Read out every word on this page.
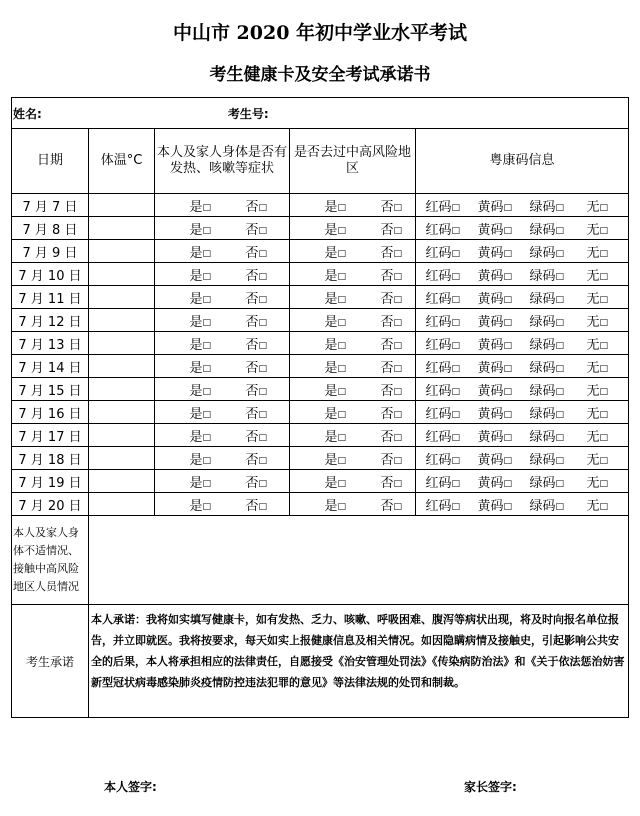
中山市 2020 年初中学业水平考试
考生健康卡及安全考试承诺书
姓名: 考生号:				
日期	体温°C	本人及家人身体是否有发热、咳嗽等症状	是否去过中高风险地区	粤康码信息
7 月 7 日		是□ 否□	是□ 否□	红码□ 黄码□ 绿码□ 无□
7 月 8 日		是□ 否□	是□ 否□	红码□ 黄码□ 绿码□ 无□
7 月 9 日		是□ 否□	是□ 否□	红码□ 黄码□ 绿码□ 无□
7 月 10 日		是□ 否□	是□ 否□	红码□ 黄码□ 绿码□ 无□
7 月 11 日		是□ 否□	是□ 否□	红码□ 黄码□ 绿码□ 无□
7 月 12 日		是□ 否□	是□ 否□	红码□ 黄码□ 绿码□ 无□
7 月 13 日		是□ 否□	是□ 否□	红码□ 黄码□ 绿码□ 无□
7 月 14 日		是□ 否□	是□ 否□	红码□ 黄码□ 绿码□ 无□
7 月 15 日		是□ 否□	是□ 否□	红码□ 黄码□ 绿码□ 无□
7 月 16 日		是□ 否□	是□ 否□	红码□ 黄码□ 绿码□ 无□
7 月 17 日		是□ 否□	是□ 否□	红码□ 黄码□ 绿码□ 无□
7 月 18 日		是□ 否□	是□ 否□	红码□ 黄码□ 绿码□ 无□
7 月 19 日		是□ 否□	是□ 否□	红码□ 黄码□ 绿码□ 无□
7 月 20 日		是□ 否□	是□ 否□	红码□ 黄码□ 绿码□ 无□
本人及家人身体不适情况、接触中高风险地区人员情况				
考生承诺	本人承诺：我将如实填写健康卡，如有发热、乏力、咳嗽、呼吸困难、腹泻等病状出现，将及时向报名单位报告，并立即就医。我将按要求，每天如实上报健康信息及相关情况。如因隐瞒病情及接触史，引起影响公共安全的后果，本人将承担相应的法律责任，自愿接受《治安管理处罚法》《传染病防治法》和《关于依法惩治妨害新型冠状病毒感染肺炎疫情防控违法犯罪的意见》等法律法规的处罚和制裁。			
本人签字:	家长签字:
